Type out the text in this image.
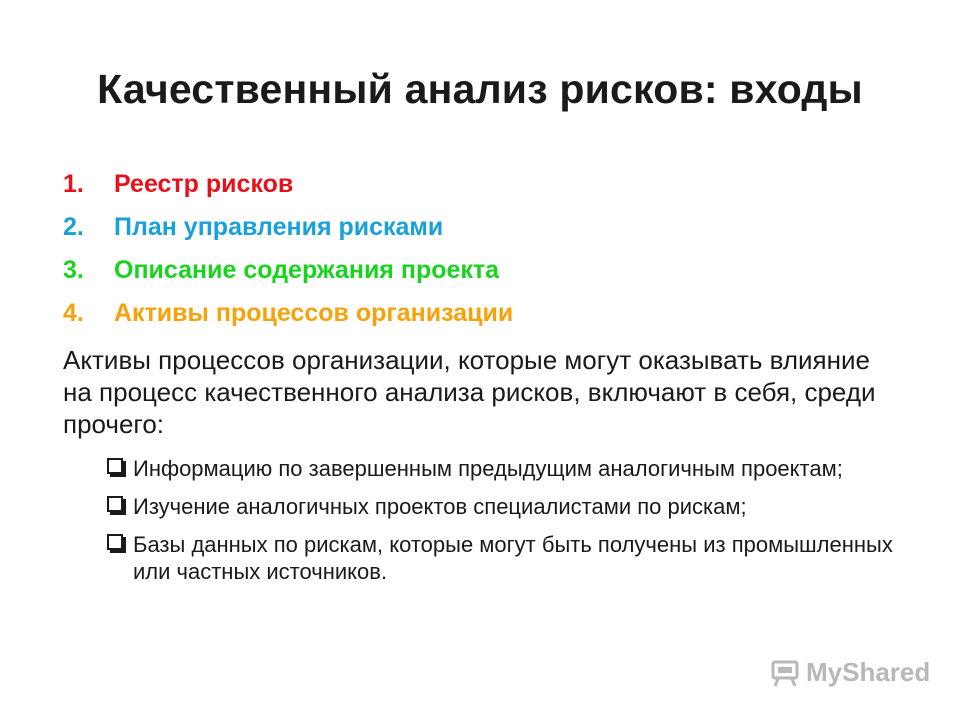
Качественный анализ рисков: входы
1.	Реестр рисков
2.	План управления рисками
3.	Описание содержания проекта
4.	Активы процессов организации

Активы процессов организации, которые могут оказывать влияние на процесс качественного анализа рисков, включают в себя, среди прочего:

Информацию по завершенным предыдущим аналогичным проектам;
Изучение аналогичных проектов специалистами по рискам;
Базы данных по рискам, которые могут быть получены из промышленных или частных источников.
MyShared
